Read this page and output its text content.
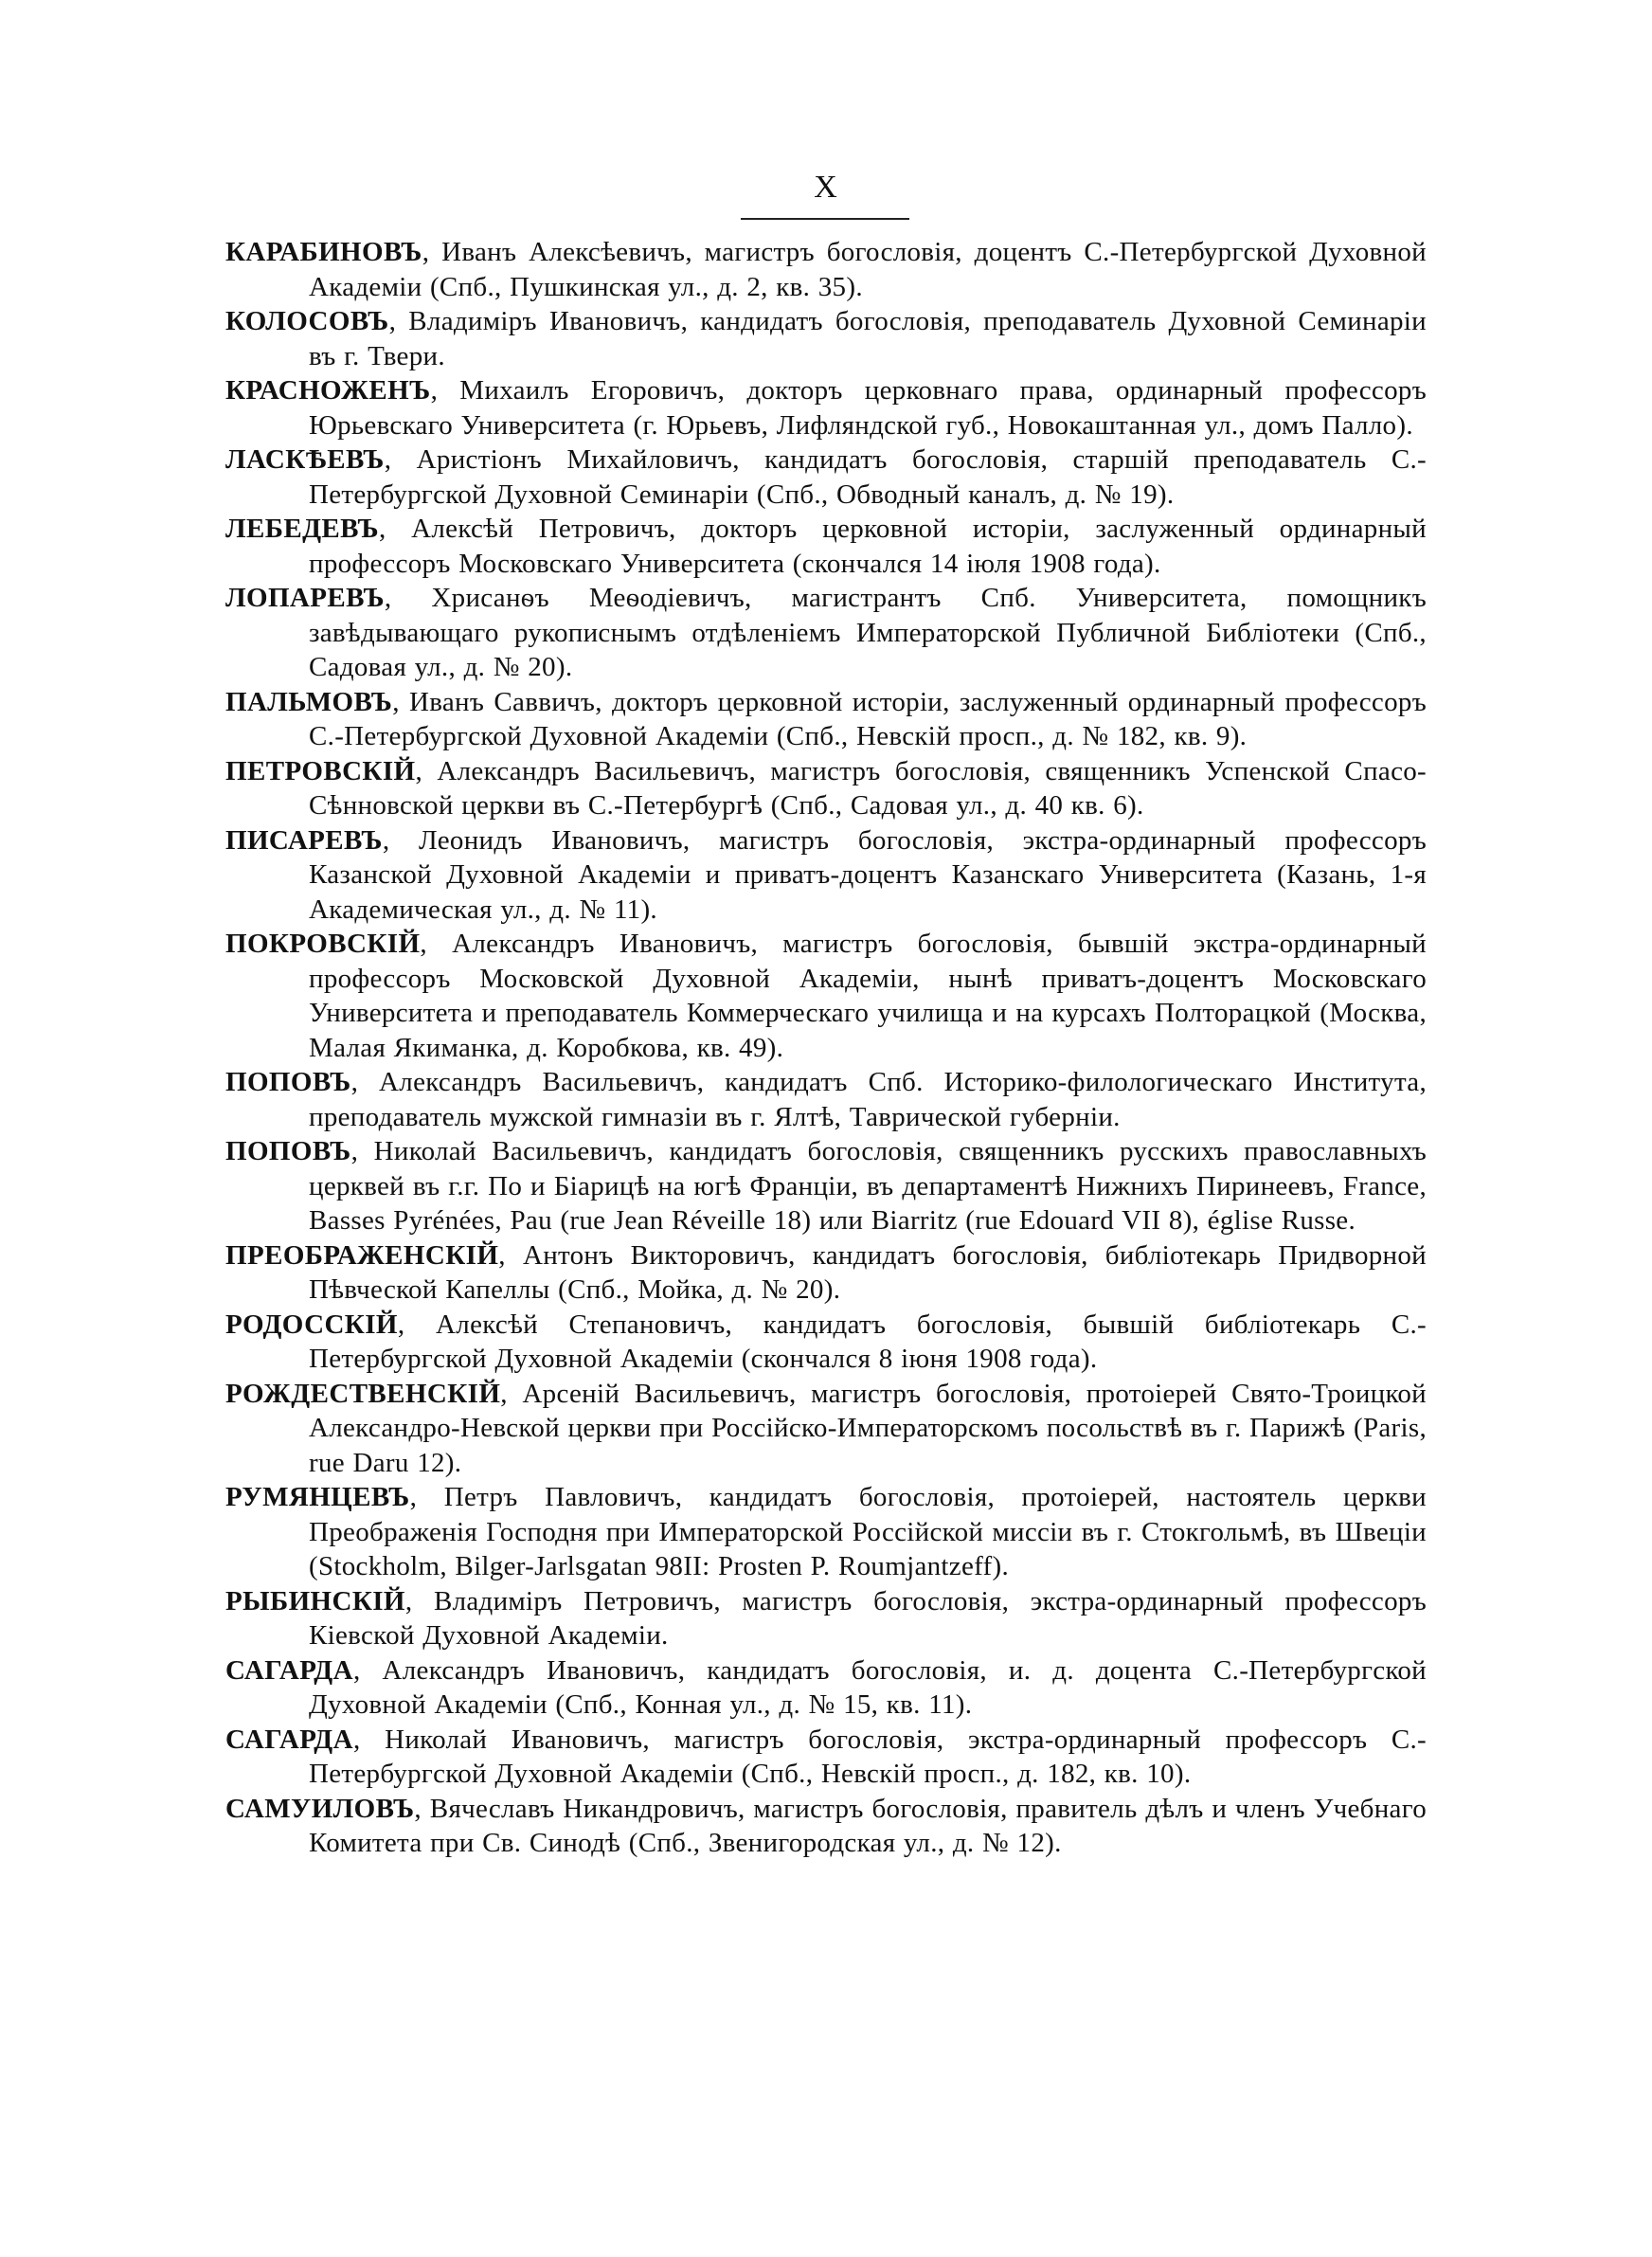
X

КАРАБИНОВЪ, Иванъ Алексѣевичъ, магистръ богословія, доцентъ С.-Петербургской Духовной Академіи (Спб., Пушкинская ул., д. 2, кв. 35).

КОЛОСОВЪ, Владиміръ Ивановичъ, кандидатъ богословія, преподаватель Духовной Семинаріи въ г. Твери.

КРАСНОЖЕНЪ, Михаилъ Егоровичъ, докторъ церковнаго права, ординарный профессоръ Юрьевскаго Университета (г. Юрьевъ, Лифляндской губ., Новокаштанная ул., домъ Палло).

ЛАСКѢЕВЪ, Аристіонъ Михайловичъ, кандидатъ богословія, старшій преподаватель С.-Петербургской Духовной Семинаріи (Спб., Обводный каналъ, д. № 19).

ЛЕБЕДЕВЪ, Алексѣй Петровичъ, докторъ церковной исторіи, заслуженный ординарный профессоръ Московскаго Университета (скончался 14 іюля 1908 года).

ЛОПАРЕВЪ, Хрисанѳъ Меѳодіевичъ, магистрантъ Спб. Университета, помощникъ завѣдывающаго рукописнымъ отдѣленіемъ Императорской Публичной Библіотеки (Спб., Садовая ул., д. № 20).

ПАЛЬМОВЪ, Иванъ Саввичъ, докторъ церковной исторіи, заслуженный ординарный профессоръ С.-Петербургской Духовной Академіи (Спб., Невскій просп., д. № 182, кв. 9).

ПЕТРОВСКІЙ, Александръ Васильевичъ, магистръ богословія, священникъ Успенской Спасо-Сѣнновской церкви въ С.-Петербургѣ (Спб., Садовая ул., д. 40 кв. 6).

ПИСАРЕВЪ, Леонидъ Ивановичъ, магистръ богословія, экстра-ординарный профессоръ Казанской Духовной Академіи и приватъ-доцентъ Казанскаго Университета (Казань, 1-я Академическая ул., д. № 11).

ПОКРОВСКІЙ, Александръ Ивановичъ, магистръ богословія, бывшій экстра-ординарный профессоръ Московской Духовной Академіи, нынѣ приватъ-доцентъ Московскаго Университета и преподаватель Коммерческаго училища и на курсахъ Полторацкой (Москва, Малая Якиманка, д. Коробкова, кв. 49).

ПОПОВЪ, Александръ Васильевичъ, кандидатъ Спб. Историко-филологическаго Института, преподаватель мужской гимназіи въ г. Ялтѣ, Таврической губерніи.

ПОПОВЪ, Николай Васильевичъ, кандидатъ богословія, священникъ русскихъ православныхъ церквей въ г.г. По и Біарицѣ на югѣ Франціи, въ департаментѣ Нижнихъ Пиринеевъ, France, Basses Pyrénées, Pau (rue Jean Réveille 18) или Biarritz (rue Edouard VII 8), église Russe.

ПРЕОБРАЖЕНСКІЙ, Антонъ Викторовичъ, кандидатъ богословія, библіотекарь Придворной Пѣвческой Капеллы (Спб., Мойка, д. № 20).

РОДОССКІЙ, Алексѣй Степановичъ, кандидатъ богословія, бывшій библіотекарь С.-Петербургской Духовной Академіи (скончался 8 іюня 1908 года).

РОЖДЕСТВЕНСКІЙ, Арсеній Васильевичъ, магистръ богословія, протоіерей Свято-Троицкой Александро-Невской церкви при Россійско-Императорскомъ посольствѣ въ г. Парижѣ (Paris, rue Daru 12).

РУМЯНЦЕВЪ, Петръ Павловичъ, кандидатъ богословія, протоіерей, настоятель церкви Преображенія Господня при Императорской Россійской миссіи въ г. Стокгольмѣ, въ Швеціи (Stockholm, Bilger-Jarlsgatan 98II: Prosten P. Roumjantzeff).

РЫБИНСКІЙ, Владиміръ Петровичъ, магистръ богословія, экстра-ординарный профессоръ Кіевской Духовной Академіи.

САГАРДА, Александръ Ивановичъ, кандидатъ богословія, и. д. доцента С.-Петербургской Духовной Академіи (Спб., Конная ул., д. № 15, кв. 11).

САГАРДА, Николай Ивановичъ, магистръ богословія, экстра-ординарный профессоръ С.-Петербургской Духовной Академіи (Спб., Невскій просп., д. 182, кв. 10).

САМУИЛОВЪ, Вячеславъ Никандровичъ, магистръ богословія, правитель дѣлъ и членъ Учебнаго Комитета при Св. Синодѣ (Спб., Звенигородская ул., д. № 12).
